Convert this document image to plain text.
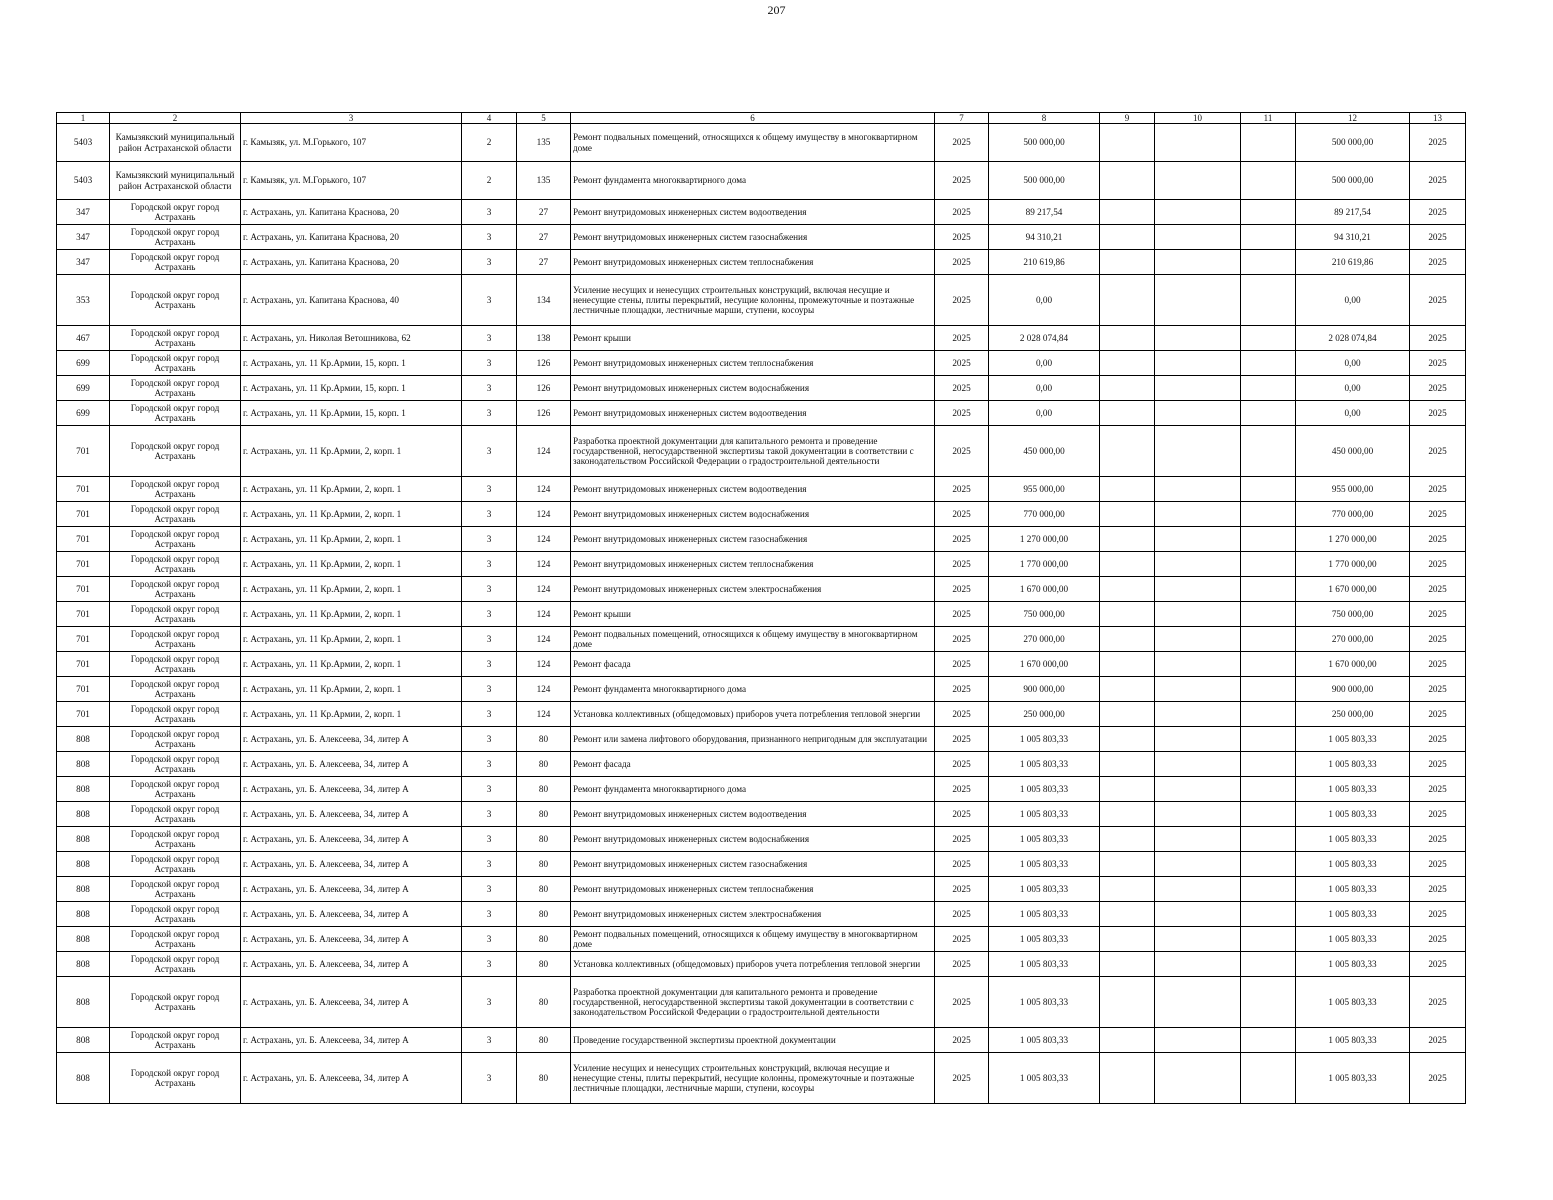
207
1	2	3	4	5	6	7	8	9	10	11	12	13
5403	Камызякский муниципальный район Астраханской области	г. Камызяк, ул. М.Горького, 107	2	135	Ремонт подвальных помещений, относящихся к общему имуществу в многоквартирном доме	2025	500 000,00				500 000,00	2025
5403	Камызякский муниципальный район Астраханской области	г. Камызяк, ул. М.Горького, 107	2	135	Ремонт фундамента многоквартирного дома	2025	500 000,00				500 000,00	2025
347	Городской округ город Астрахань	г. Астрахань, ул. Капитана Краснова, 20	3	27	Ремонт внутридомовых инженерных систем водоотведения	2025	89 217,54				89 217,54	2025
347	Городской округ город Астрахань	г. Астрахань, ул. Капитана Краснова, 20	3	27	Ремонт внутридомовых инженерных систем газоснабжения	2025	94 310,21				94 310,21	2025
347	Городской округ город Астрахань	г. Астрахань, ул. Капитана Краснова, 20	3	27	Ремонт внутридомовых инженерных систем теплоснабжения	2025	210 619,86				210 619,86	2025
353	Городской округ город Астрахань	г. Астрахань, ул. Капитана Краснова, 40	3	134	Усиление несущих и ненесущих строительных конструкций, включая несущие и ненесущие стены, плиты перекрытий, несущие колонны, промежуточные и поэтажные лестничные площадки, лестничные марши, ступени, косоуры	2025	0,00				0,00	2025
467	Городской округ город Астрахань	г. Астрахань, ул. Николая Ветошникова, 62	3	138	Ремонт крыши	2025	2 028 074,84				2 028 074,84	2025
699	Городской округ город Астрахань	г. Астрахань, ул. 11 Кр.Армии, 15, корп. 1	3	126	Ремонт внутридомовых инженерных систем теплоснабжения	2025	0,00				0,00	2025
699	Городской округ город Астрахань	г. Астрахань, ул. 11 Кр.Армии, 15, корп. 1	3	126	Ремонт внутридомовых инженерных систем водоснабжения	2025	0,00				0,00	2025
699	Городской округ город Астрахань	г. Астрахань, ул. 11 Кр.Армии, 15, корп. 1	3	126	Ремонт внутридомовых инженерных систем водоотведения	2025	0,00				0,00	2025
701	Городской округ город Астрахань	г. Астрахань, ул. 11 Кр.Армии, 2, корп. 1	3	124	Разработка проектной документации для капитального ремонта и проведение государственной, негосударственной экспертизы такой документации в соответствии с законодательством Российской Федерации о градостроительной деятельности	2025	450 000,00				450 000,00	2025
701	Городской округ город Астрахань	г. Астрахань, ул. 11 Кр.Армии, 2, корп. 1	3	124	Ремонт внутридомовых инженерных систем водоотведения	2025	955 000,00				955 000,00	2025
701	Городской округ город Астрахань	г. Астрахань, ул. 11 Кр.Армии, 2, корп. 1	3	124	Ремонт внутридомовых инженерных систем водоснабжения	2025	770 000,00				770 000,00	2025
701	Городской округ город Астрахань	г. Астрахань, ул. 11 Кр.Армии, 2, корп. 1	3	124	Ремонт внутридомовых инженерных систем газоснабжения	2025	1 270 000,00				1 270 000,00	2025
701	Городской округ город Астрахань	г. Астрахань, ул. 11 Кр.Армии, 2, корп. 1	3	124	Ремонт внутридомовых инженерных систем теплоснабжения	2025	1 770 000,00				1 770 000,00	2025
701	Городской округ город Астрахань	г. Астрахань, ул. 11 Кр.Армии, 2, корп. 1	3	124	Ремонт внутридомовых инженерных систем электроснабжения	2025	1 670 000,00				1 670 000,00	2025
701	Городской округ город Астрахань	г. Астрахань, ул. 11 Кр.Армии, 2, корп. 1	3	124	Ремонт крыши	2025	750 000,00				750 000,00	2025
701	Городской округ город Астрахань	г. Астрахань, ул. 11 Кр.Армии, 2, корп. 1	3	124	Ремонт подвальных помещений, относящихся к общему имуществу в многоквартирном доме	2025	270 000,00				270 000,00	2025
701	Городской округ город Астрахань	г. Астрахань, ул. 11 Кр.Армии, 2, корп. 1	3	124	Ремонт фасада	2025	1 670 000,00				1 670 000,00	2025
701	Городской округ город Астрахань	г. Астрахань, ул. 11 Кр.Армии, 2, корп. 1	3	124	Ремонт фундамента многоквартирного дома	2025	900 000,00				900 000,00	2025
701	Городской округ город Астрахань	г. Астрахань, ул. 11 Кр.Армии, 2, корп. 1	3	124	Установка коллективных (общедомовых) приборов учета потребления тепловой энергии	2025	250 000,00				250 000,00	2025
808	Городской округ город Астрахань	г. Астрахань, ул. Б. Алексеева, 34, литер А	3	80	Ремонт или замена лифтового оборудования, признанного непригодным для эксплуатации	2025	1 005 803,33				1 005 803,33	2025
808	Городской округ город Астрахань	г. Астрахань, ул. Б. Алексеева, 34, литер А	3	80	Ремонт фасада	2025	1 005 803,33				1 005 803,33	2025
808	Городской округ город Астрахань	г. Астрахань, ул. Б. Алексеева, 34, литер А	3	80	Ремонт фундамента многоквартирного дома	2025	1 005 803,33				1 005 803,33	2025
808	Городской округ город Астрахань	г. Астрахань, ул. Б. Алексеева, 34, литер А	3	80	Ремонт внутридомовых инженерных систем водоотведения	2025	1 005 803,33				1 005 803,33	2025
808	Городской округ город Астрахань	г. Астрахань, ул. Б. Алексеева, 34, литер А	3	80	Ремонт внутридомовых инженерных систем водоснабжения	2025	1 005 803,33				1 005 803,33	2025
808	Городской округ город Астрахань	г. Астрахань, ул. Б. Алексеева, 34, литер А	3	80	Ремонт внутридомовых инженерных систем газоснабжения	2025	1 005 803,33				1 005 803,33	2025
808	Городской округ город Астрахань	г. Астрахань, ул. Б. Алексеева, 34, литер А	3	80	Ремонт внутридомовых инженерных систем теплоснабжения	2025	1 005 803,33				1 005 803,33	2025
808	Городской округ город Астрахань	г. Астрахань, ул. Б. Алексеева, 34, литер А	3	80	Ремонт внутридомовых инженерных систем электроснабжения	2025	1 005 803,33				1 005 803,33	2025
808	Городской округ город Астрахань	г. Астрахань, ул. Б. Алексеева, 34, литер А	3	80	Ремонт подвальных помещений, относящихся к общему имуществу в многоквартирном доме	2025	1 005 803,33				1 005 803,33	2025
808	Городской округ город Астрахань	г. Астрахань, ул. Б. Алексеева, 34, литер А	3	80	Установка коллективных (общедомовых) приборов учета потребления тепловой энергии	2025	1 005 803,33				1 005 803,33	2025
808	Городской округ город Астрахань	г. Астрахань, ул. Б. Алексеева, 34, литер А	3	80	Разработка проектной документации для капитального ремонта и проведение государственной, негосударственной экспертизы такой документации в соответствии с законодательством Российской Федерации о градостроительной деятельности	2025	1 005 803,33				1 005 803,33	2025
808	Городской округ город Астрахань	г. Астрахань, ул. Б. Алексеева, 34, литер А	3	80	Проведение государственной экспертизы проектной документации	2025	1 005 803,33				1 005 803,33	2025
808	Городской округ город Астрахань	г. Астрахань, ул. Б. Алексеева, 34, литер А	3	80	Усиление несущих и ненесущих строительных конструкций, включая несущие и ненесущие стены, плиты перекрытий, несущие колонны, промежуточные и поэтажные лестничные площадки, лестничные марши, ступени, косоуры	2025	1 005 803,33				1 005 803,33	2025
